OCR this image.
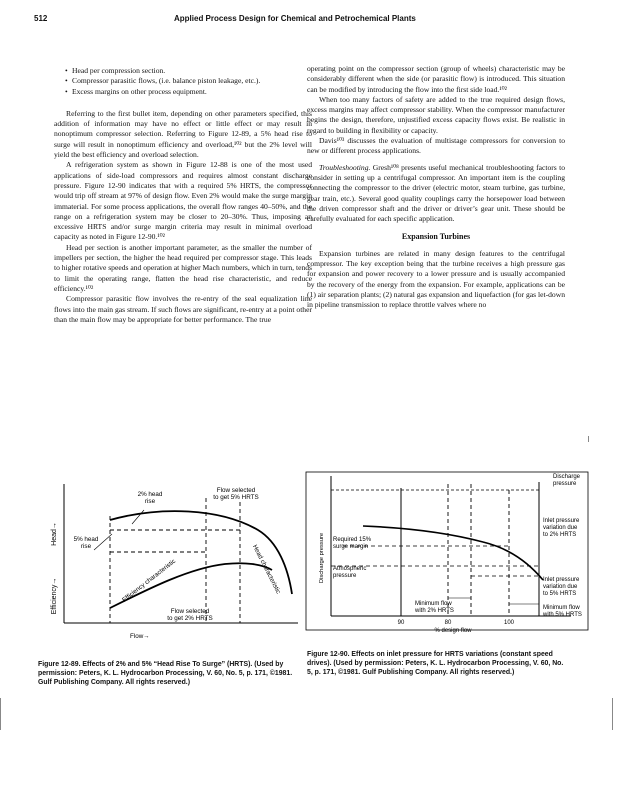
512	Applied Process Design for Chemical and Petrochemical Plants
• Head per compression section.
• Compressor parasitic flows, (i.e. balance piston leakage, etc.).
• Excess margins on other process equipment.

Referring to the first bullet item, depending on other parameters specified, this addition of information may have no effect or little effect or may result in nonoptimum compressor selection. Referring to Figure 12-89, a 5% head rise to surge will result in nonoptimum efficiency and overload,¹⁰² but the 2% level will yield the best efficiency and overload selection.

A refrigeration system as shown in Figure 12-88 is one of the most used applications of side-load compressors and requires almost constant discharge pressure. Figure 12-90 indicates that with a required 5% HRTS, the compressor would trip off stream at 97% of design flow. Even 2% would make the surge margin immaterial. For some process applications, the overall flow ranges 40–50%, and the range on a refrigeration system may be closer to 20–30%. Thus, imposing an excessive HRTS and/or surge margin criteria may result in minimal overload capacity as noted in Figure 12-90.¹⁰²

Head per section is another important parameter, as the smaller the number of impellers per section, the higher the head required per compressor stage. This leads to higher rotative speeds and operation at higher Mach numbers, which in turn, tends to limit the operating range, flatten the head rise characteristic, and reduce efficiency.¹⁰²

Compressor parasitic flow involves the re-entry of the seal equalization line flows into the main gas stream. If such flows are significant, re-entry at a point other than the main flow may be appropriate for better performance. The true

operating point on the compressor section (group of wheels) characteristic may be considerably different when the side (or parasitic flow) is introduced. This situation can be modified by introducing the flow into the first side load.¹⁰²

When too many factors of safety are added to the true required design flows, excess margins may affect compressor stability. When the compressor manufacturer begins the design, therefore, unjustified excess capacity flows exist. Be realistic in regard to building in flexibility or capacity.

Davis¹⁰³ discusses the evaluation of multistage compressors for conversion to new or different process applications.

Troubleshooting. Gresh¹⁰⁸ presents useful mechanical troubleshooting factors to consider in setting up a centrifugal compressor. An important item is the coupling connecting the compressor to the driver (electric motor, steam turbine, gas turbine, gear train, etc.). Several good quality couplings carry the horsepower load between the driven compressor shaft and the driver or driver’s gear unit. These should be carefully evaluated for each specific application.

Expansion Turbines

Expansion turbines are related in many design features to the centrifugal compressor. The key exception being that the turbine receives a high pressure gas for expansion and power recovery to a lower pressure and is usually accompanied by the recovery of the energy from the expansion. For example, applications can be (1) air separation plants; (2) natural gas expansion and liquefaction (for gas let-down in pipeline transmission to replace throttle valves where no

Head→
Efficiency→
2% head rise
Flow selected to get 5% HRTS
5% head rise	Head characteristic
Efficiency characteristic
Flow selected to get 2% HRTS
Flow→
Figure 12-89. Effects of 2% and 5% “Head Rise To Surge” (HRTS). (Used by permission: Peters, K. L. Hydrocarbon Processing, V. 60, No. 5, p. 171, ©1981. Gulf Publishing Company. All rights reserved.)
Discharge pressure
Discharge pressure
Inlet pressure variation due to 2% HRTS
Required 15% surge margin
Atmospheric pressure
Inlet pressure variation due to 5% HRTS
Minimum flow with 2% HRTS	Minimum flow with 5% HRTS
90	80	100
% design flow
Figure 12-90. Effects on inlet pressure for HRTS variations (constant speed drives). (Used by permission: Peters, K. L. Hydrocarbon Processing, V. 60, No. 5, p. 171, ©1981. Gulf Publishing Company. All rights reserved.)
